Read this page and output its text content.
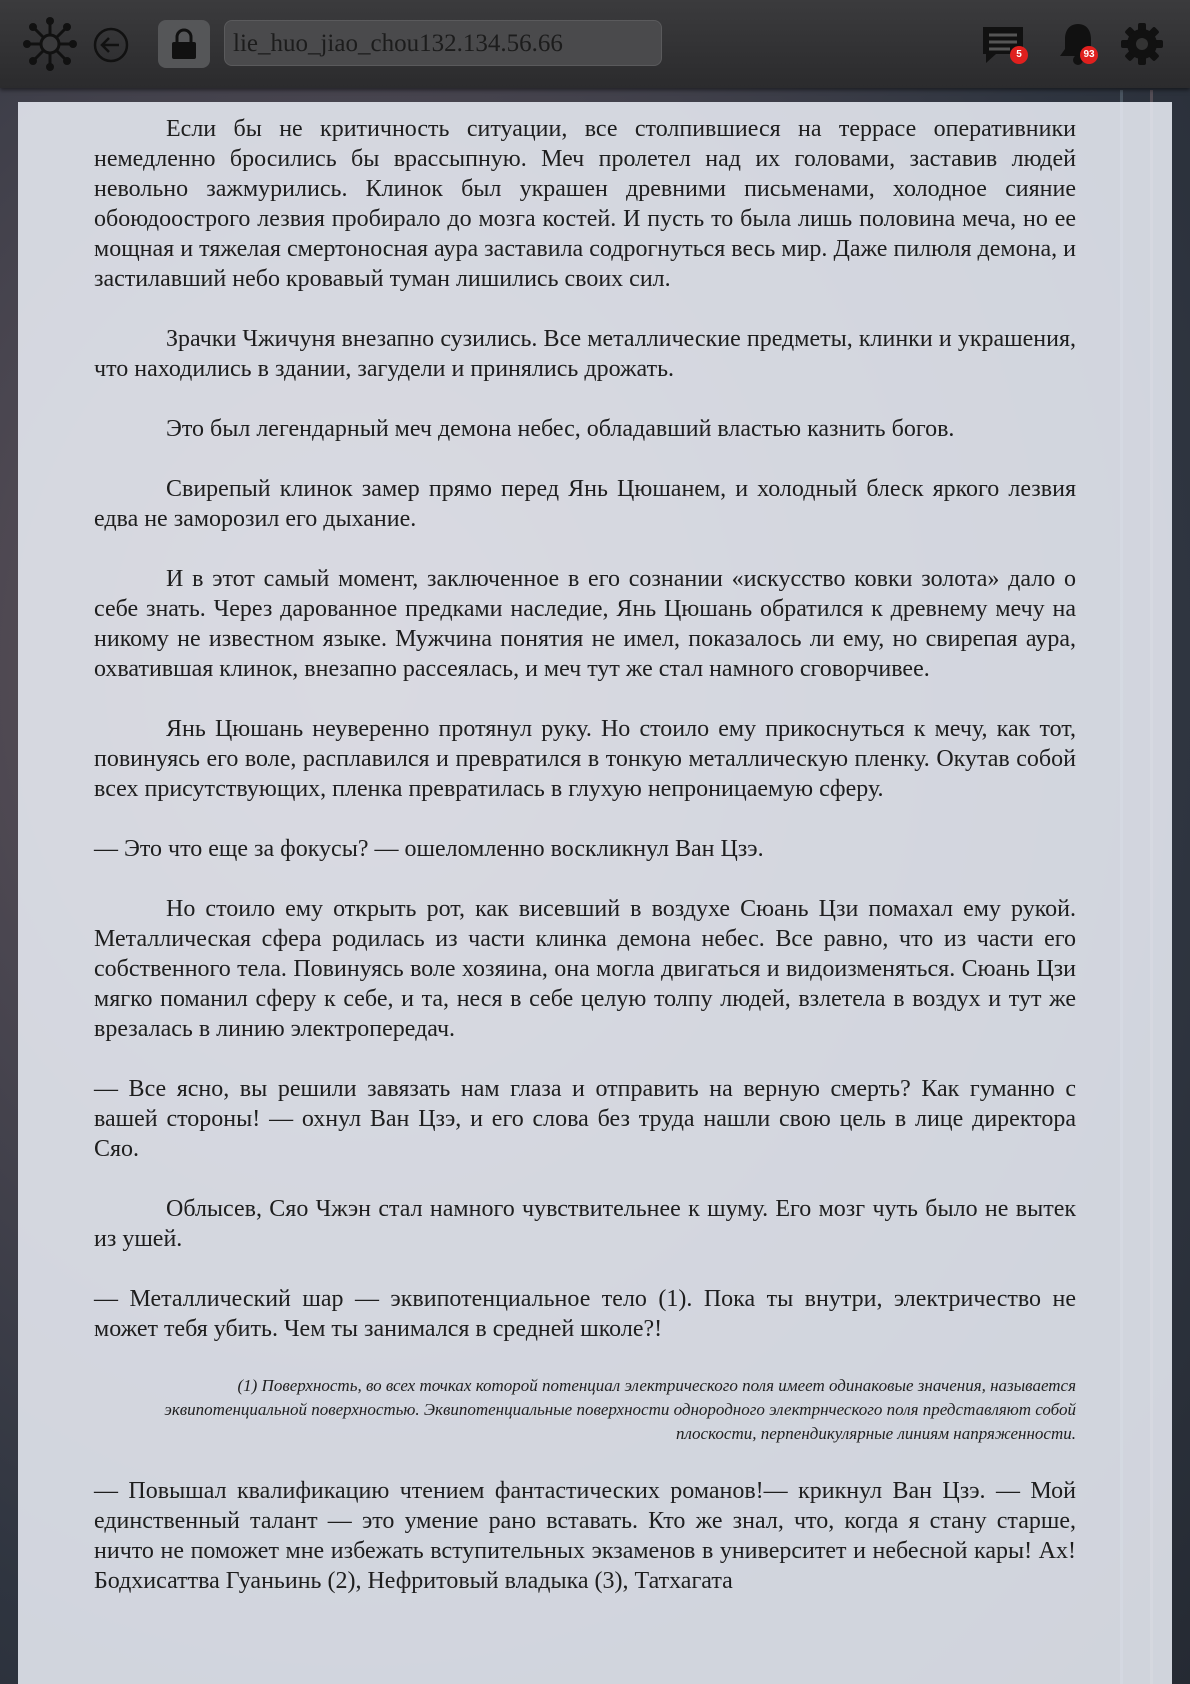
lie_huo_jiao_chou132.134.56.66	5	93

Если бы не критичность ситуации, все столпившиеся на террасе оперативники немедленно бросились бы врассыпную. Меч пролетел над их головами, заставив людей невольно зажмурились. Клинок был украшен древними письменами, холодное сияние обоюдоострого лезвия пробирало до мозга костей. И пусть то была лишь половина меча, но ее мощная и тяжелая смертоносная аура заставила содрогнуться весь мир. Даже пилюля демона, и застилавший небо кровавый туман лишились своих сил.

Зрачки Чжичуня внезапно сузились. Все металлические предметы, клинки и украшения, что находились в здании, загудели и принялись дрожать.

Это был легендарный меч демона небес, обладавший властью казнить богов.

Свирепый клинок замер прямо перед Янь Цюшанем, и холодный блеск яркого лезвия едва не заморозил его дыхание.

И в этот самый момент, заключенное в его сознании «искусство ковки золота» дало о себе знать. Через дарованное предками наследие, Янь Цюшань обратился к древнему мечу на никому не известном языке. Мужчина понятия не имел, показалось ли ему, но свирепая аура, охватившая клинок, внезапно рассеялась, и меч тут же стал намного сговорчивее.

Янь Цюшань неуверенно протянул руку. Но стоило ему прикоснуться к мечу, как тот, повинуясь его воле, расплавился и превратился в тонкую металлическую пленку. Окутав собой всех присутствующих, пленка превратилась в глухую непроницаемую сферу.

— Это что еще за фокусы? — ошеломленно воскликнул Ван Цзэ.

Но стоило ему открыть рот, как висевший в воздухе Сюань Цзи помахал ему рукой. Металлическая сфера родилась из части клинка демона небес. Все равно, что из части его собственного тела. Повинуясь воле хозяина, она могла двигаться и видоизменяться. Сюань Цзи мягко поманил сферу к себе, и та, неся в себе целую толпу людей, взлетела в воздух и тут же врезалась в линию электропередач.

— Все ясно, вы решили завязать нам глаза и отправить на верную смерть? Как гуманно с вашей стороны! — охнул Ван Цзэ, и его слова без труда нашли свою цель в лице директора Сяо.

Облысев, Сяо Чжэн стал намного чувствительнее к шуму. Его мозг чуть было не вытек из ушей.

— Металлический шар — эквипотенциальное тело (1). Пока ты внутри, электричество не может тебя убить. Чем ты занимался в средней школе?!

(1) Поверхность, во всех точках которой потенциал электрического поля имеет одинаковые значения, называется эквипотенциальной поверхностью. Эквипотенциальные поверхности однородного электрнческого поля представляют собой плоскости, перпендикулярные линиям напряженности.

— Повышал квалификацию чтением фантастических романов!— крикнул Ван Цзэ. — Мой единственный талант — это умение рано вставать. Кто же знал, что, когда я стану старше, ничто не поможет мне избежать вступительных экзаменов в университет и небесной кары! Ах! Бодхисаттва Гуаньинь (2), Нефритовый владыка (3), Татхагата
